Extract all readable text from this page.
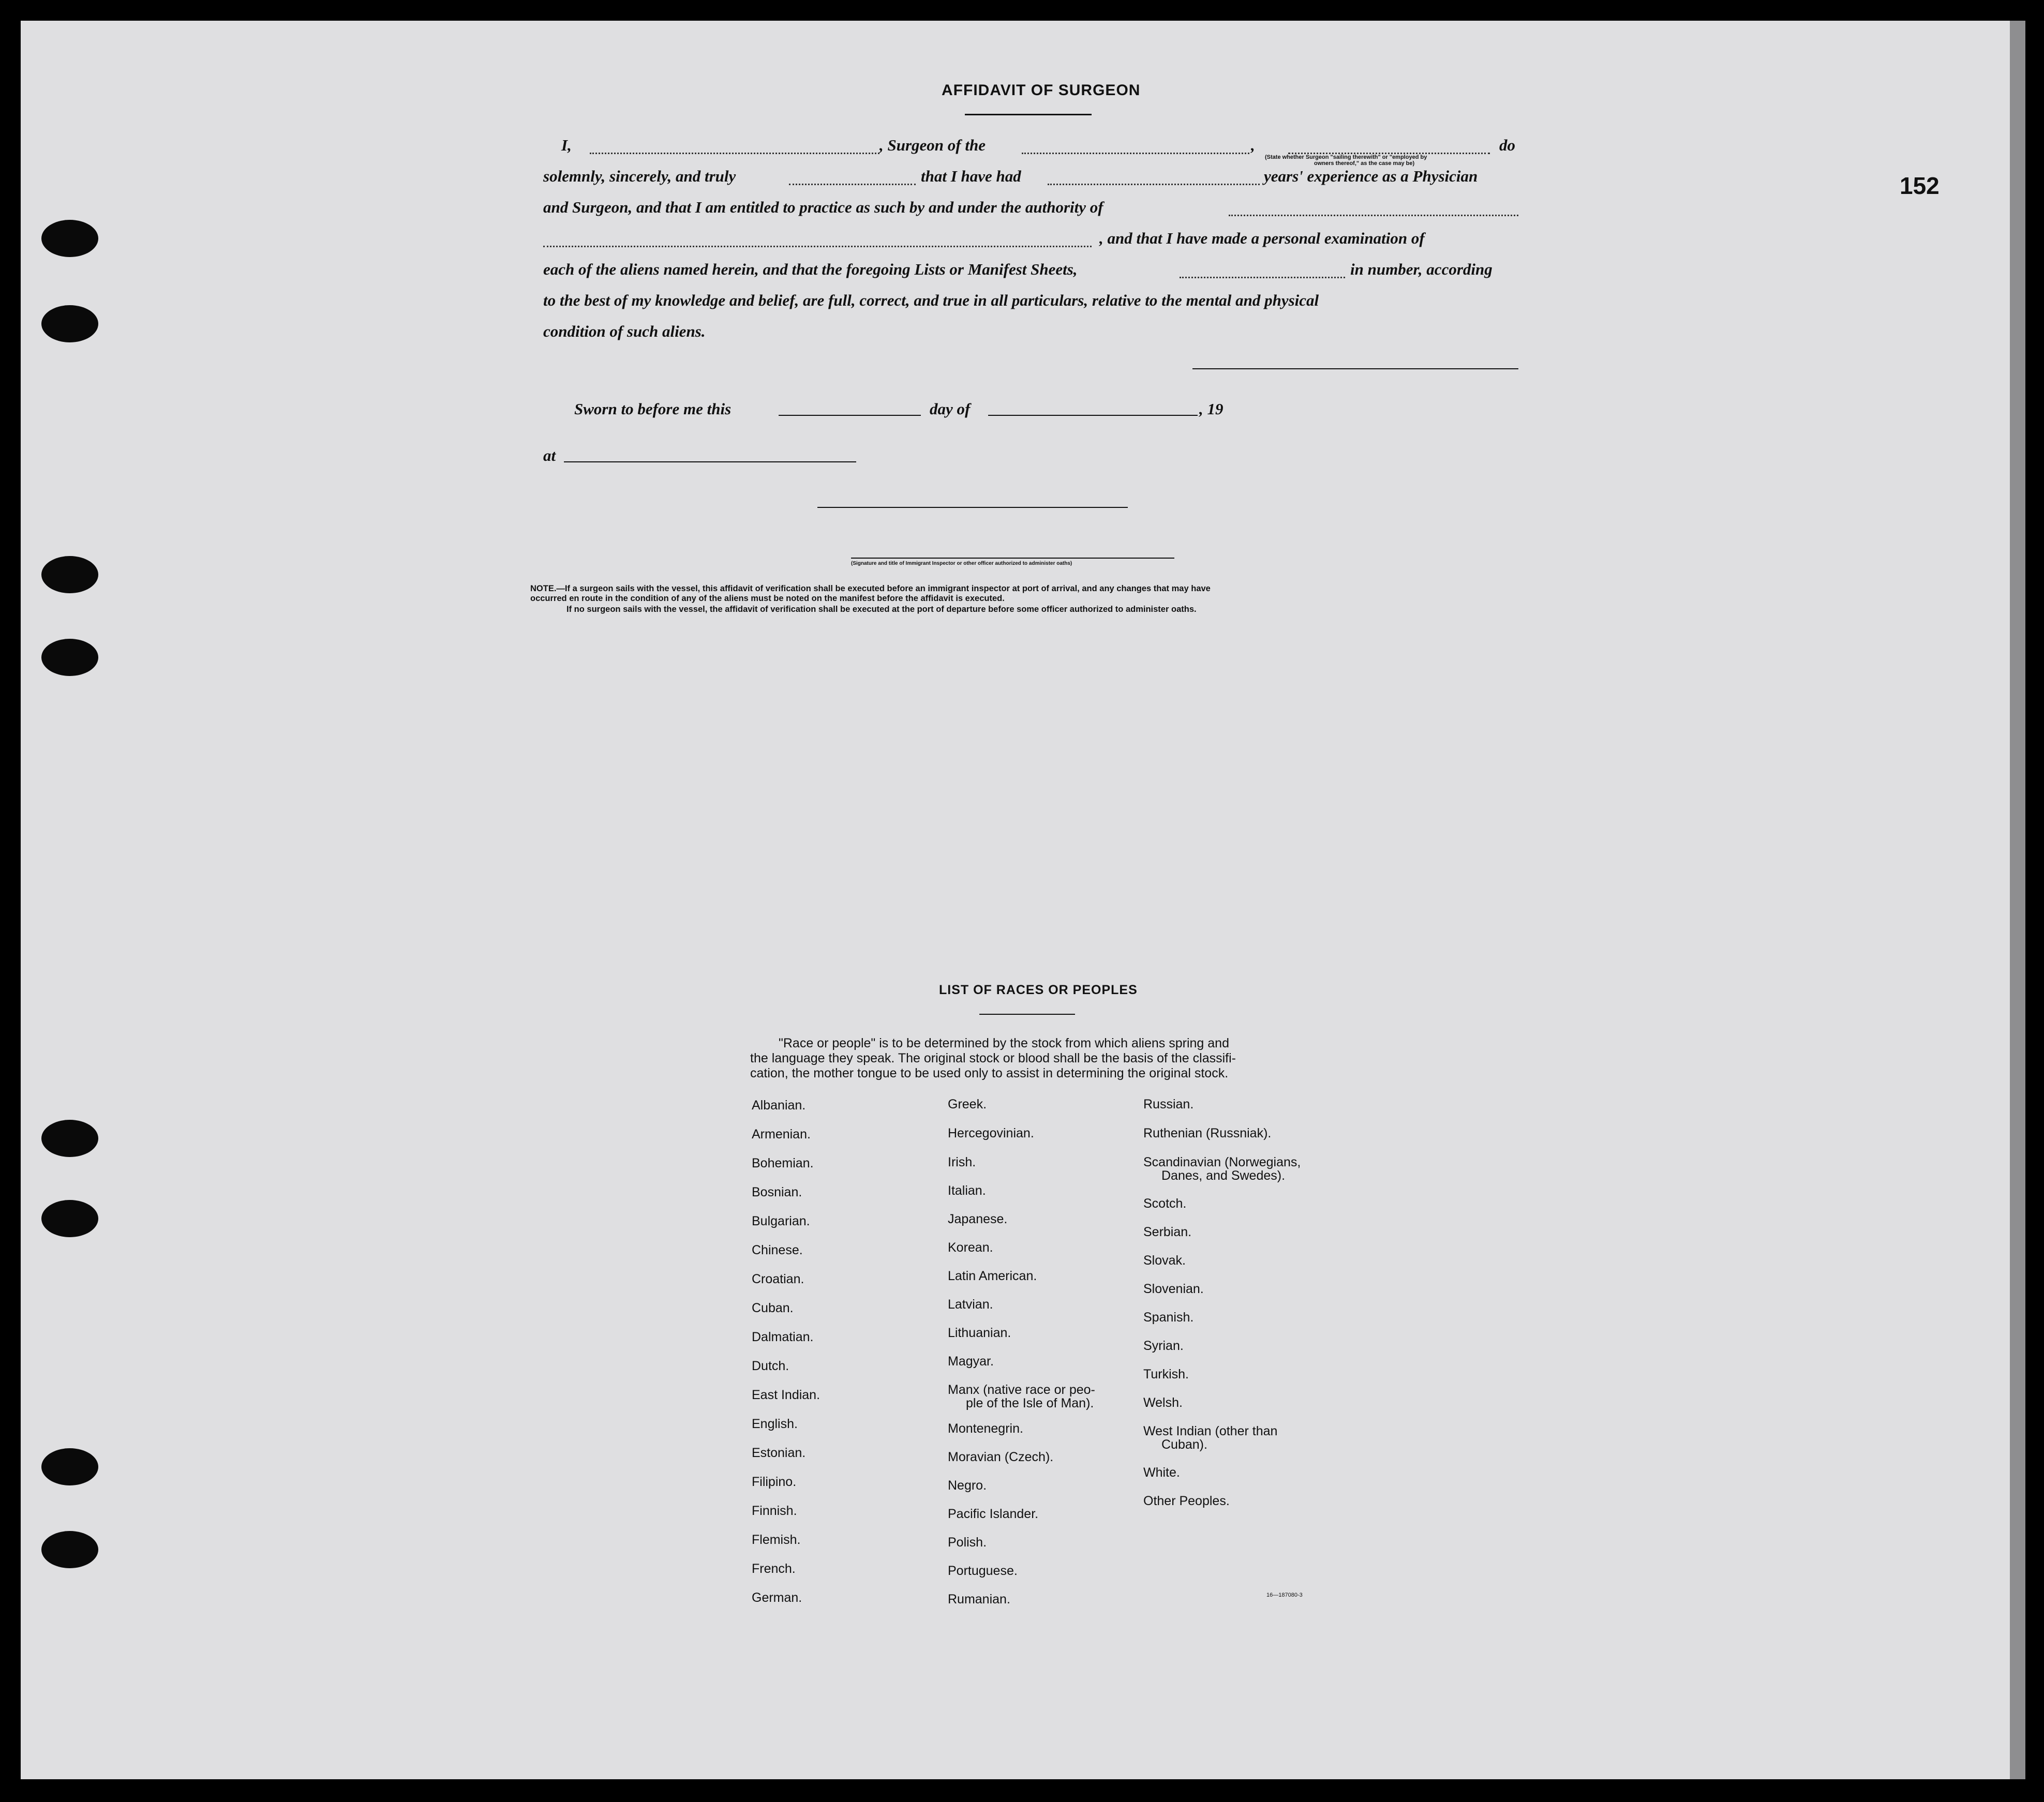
152
AFFIDAVIT OF SURGEON
I,	, Surgeon of the	,	do
(State whether Surgeon "sailing therewith" or "employed by
owners thereof," as the case may be)
solemnly, sincerely, and truly	that I have had	years' experience as a Physician
and Surgeon, and that I am entitled to practice as such by and under the authority of
, and that I have made a personal examination of
each of the aliens named herein, and that the foregoing Lists or Manifest Sheets,	in number, according
to the best of my knowledge and belief, are full, correct, and true in all particulars, relative to the mental and physical
condition of such aliens.
Sworn to before me this	day of	, 19
at
(Signature and title of Immigrant Inspector or other officer authorized to administer oaths)
NOTE.—If a surgeon sails with the vessel, this affidavit of verification shall be executed before an immigrant inspector at port of arrival, and any changes that may have
occurred en route in the condition of any of the aliens must be noted on the manifest before the affidavit is executed.
If no surgeon sails with the vessel, the affidavit of verification shall be executed at the port of departure before some officer authorized to administer oaths.
LIST OF RACES OR PEOPLES
"Race or people" is to be determined by the stock from which aliens spring and
the language they speak. The original stock or blood shall be the basis of the classifi-
cation, the mother tongue to be used only to assist in determining the original stock.
Albanian.
Armenian.
Bohemian.
Bosnian.
Bulgarian.
Chinese.
Croatian.
Cuban.
Dalmatian.
Dutch.
East Indian.
English.
Estonian.
Filipino.
Finnish.
Flemish.
French.
German.
Greek.
Hercegovinian.
Irish.
Italian.
Japanese.
Korean.
Latin American.
Latvian.
Lithuanian.
Magyar.
Manx (native race or peo-
ple of the Isle of Man).
Montenegrin.
Moravian (Czech).
Negro.
Pacific Islander.
Polish.
Portuguese.
Rumanian.
Russian.
Ruthenian (Russniak).
Scandinavian (Norwegians,
Danes, and Swedes).
Scotch.
Serbian.
Slovak.
Slovenian.
Spanish.
Syrian.
Turkish.
Welsh.
West Indian (other than
Cuban).
White.
Other Peoples.
16—187080-3
